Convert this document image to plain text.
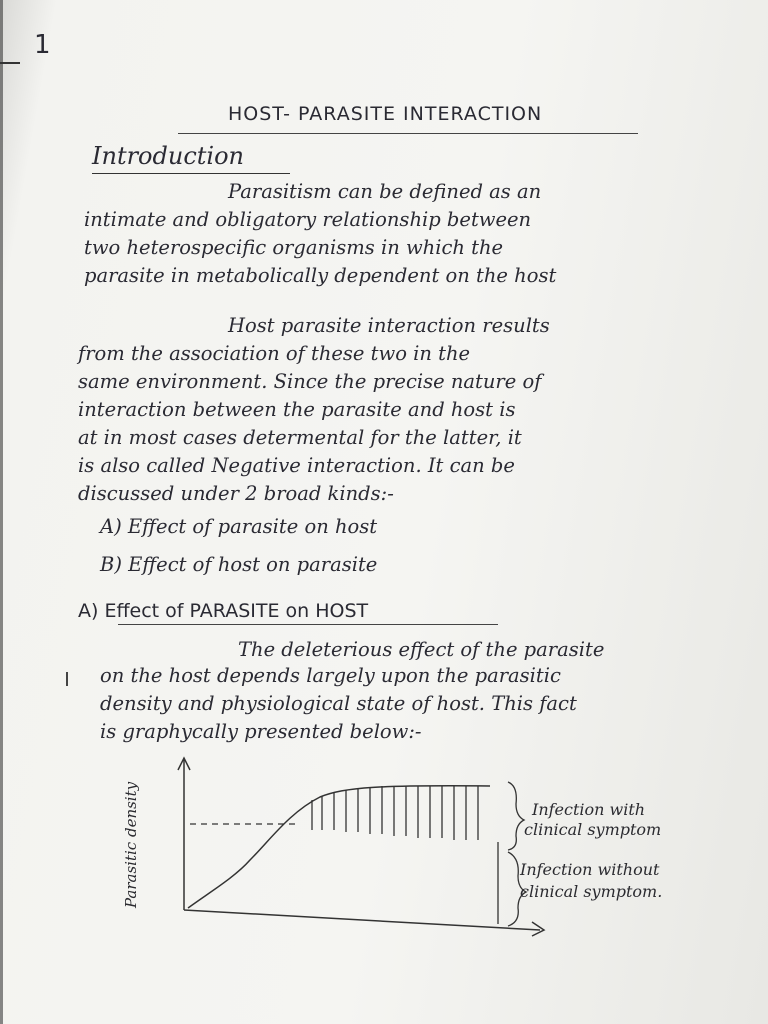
1
HOST- PARASITE INTERACTION
Introduction
Parasitism can be defined as an
intimate and obligatory relationship between
two heterospecific organisms in which the
parasite in metabolically dependent on the host
Host parasite interaction results
from the association of these two in the
same environment. Since the precise nature of
interaction between the parasite and host is
at in most cases determental for the latter, it
is also called Negative interaction. It can be
discussed under 2 broad kinds:-
A) Effect of parasite on host
B) Effect of host on parasite
A) Effect of PARASITE on HOST
The deleterious effect of the parasite
on the host depends largely upon the parasitic
density and physiological state of host. This fact
is graphycally presented below:-
Parasitic density	Infection with
clinical symptom
Infection without
clinical symptom.
